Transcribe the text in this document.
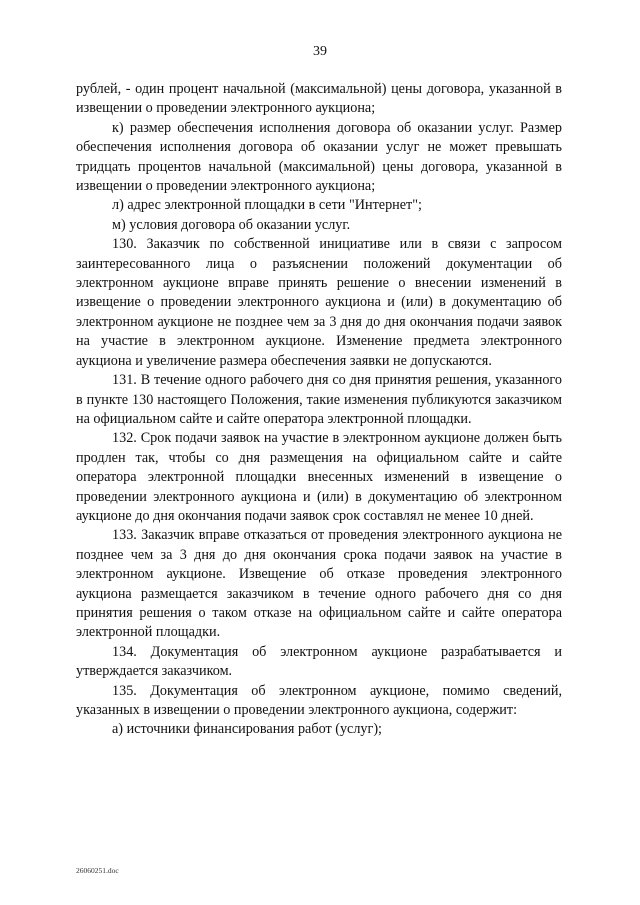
39

рублей, - один процент начальной (максимальной) цены договора, указанной в извещении о проведении электронного аукциона;

к) размер обеспечения исполнения договора об оказании услуг. Размер обеспечения исполнения договора об оказании услуг не может превышать тридцать процентов начальной (максимальной) цены договора, указанной в извещении о проведении электронного аукциона;

л) адрес электронной площадки в сети "Интернет";

м) условия договора об оказании услуг.

130. Заказчик по собственной инициативе или в связи с запросом заинтересованного лица о разъяснении положений документации об электронном аукционе вправе принять решение о внесении изменений в извещение о проведении электронного аукциона и (или) в документацию об электронном аукционе не позднее чем за 3 дня до дня окончания подачи заявок на участие в электронном аукционе. Изменение предмета электронного аукциона и увеличение размера обеспечения заявки не допускаются.

131. В течение одного рабочего дня со дня принятия решения, указанного в пункте 130 настоящего Положения, такие изменения публикуются заказчиком на официальном сайте и сайте оператора электронной площадки.

132. Срок подачи заявок на участие в электронном аукционе должен быть продлен так, чтобы со дня размещения на официальном сайте и сайте оператора электронной площадки внесенных изменений в извещение о проведении электронного аукциона и (или) в документацию об электронном аукционе до дня окончания подачи заявок срок составлял не менее 10 дней.

133. Заказчик вправе отказаться от проведения электронного аукциона не позднее чем за 3 дня до дня окончания срока подачи заявок на участие в электронном аукционе. Извещение об отказе проведения электронного аукциона размещается заказчиком в течение одного рабочего дня со дня принятия решения о таком отказе на официальном сайте и сайте оператора электронной площадки.

134. Документация об электронном аукционе разрабатывается и утверждается заказчиком.

135. Документация об электронном аукционе, помимо сведений, указанных в извещении о проведении электронного аукциона, содержит:

а) источники финансирования работ (услуг);

26060251.doc
